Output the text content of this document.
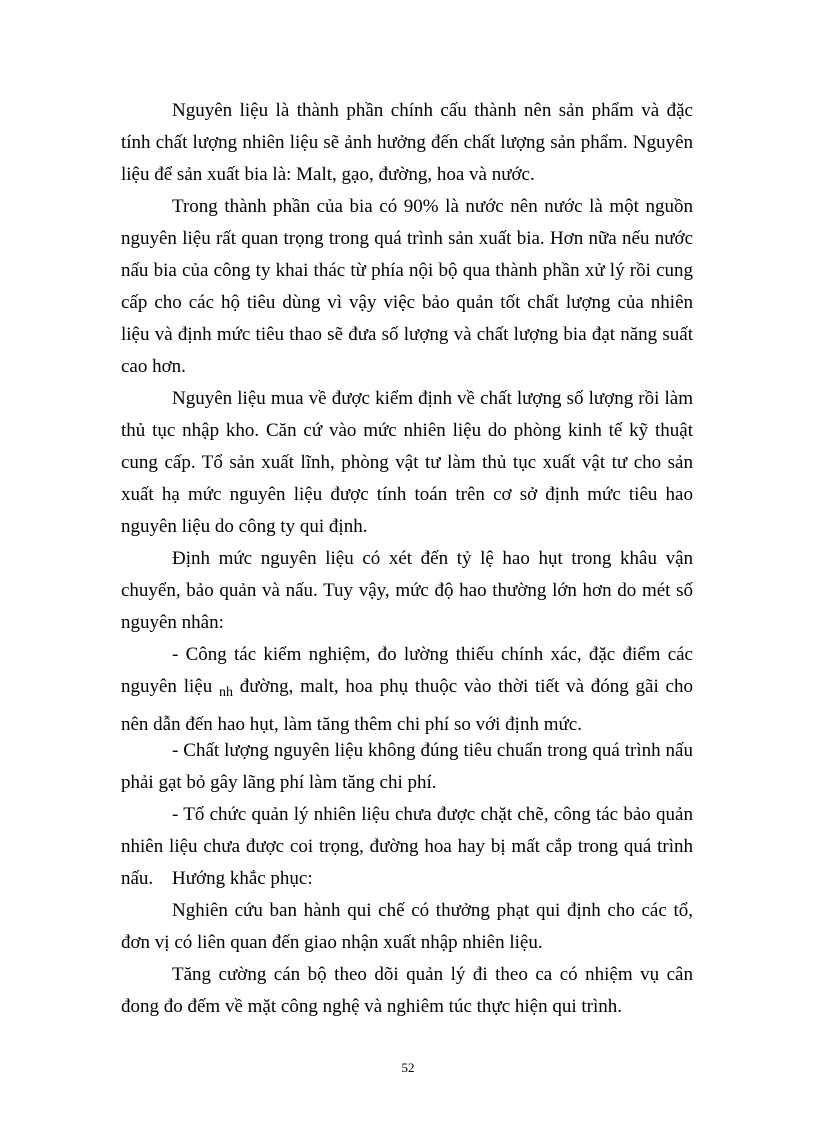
Nguyên liệu là thành phần chính cấu thành nên sản phẩm và đặc tính chất lượng nhiên liệu sẽ ảnh hưởng đến chất lượng sản phẩm. Nguyên liệu để sản xuất bia là: Malt, gạo, đường, hoa và nước.

Trong thành phần của bia có 90% là nước nên nước là một nguồn nguyên liệu rất quan trọng trong quá trình sản xuất bia. Hơn nữa nếu nước nấu bia của công ty khai thác từ phía nội bộ qua thành phần xử lý rồi cung cấp cho các hộ tiêu dùng vì vậy việc bảo quản tốt chất lượng của nhiên liệu và định mức tiêu thao sẽ đưa số lượng và chất lượng bia đạt năng suất cao hơn.

Nguyên liệu mua về được kiểm định về chất lượng số lượng rồi làm thủ tục nhập kho. Căn cứ vào mức nhiên liệu do phòng kinh tế kỹ thuật cung cấp. Tổ sản xuất lĩnh, phòng vật tư làm thủ tục xuất vật tư cho sản xuất hạ mức nguyên liệu được tính toán trên cơ sở định mức tiêu hao nguyên liệu do công ty qui định.

Định mức nguyên liệu có xét đến tỷ lệ hao hụt trong khâu vận chuyển, bảo quản và nấu. Tuy vậy, mức độ hao thường lớn hơn do mét số nguyên nhân:

- Công tác kiểm nghiệm, đo lường thiếu chính xác, đặc điểm các nguyên liệu $_{nh}$ đường, malt, hoa phụ thuộc vào thời tiết và đóng gãi cho nên dẫn đến hao hụt, làm tăng thêm chi phí so với định mức.

- Chất lượng nguyên liệu không đúng tiêu chuẩn trong quá trình nấu phải gạt bỏ gây lãng phí làm tăng chi phí.

- Tổ chức quản lý nhiên liệu chưa được chặt chẽ, công tác bảo quản nhiên liệu chưa được coi trọng, đường hoa hay bị mất cắp trong quá trình nấu. Hướng khắc phục:

Nghiên cứu ban hành qui chế có thưởng phạt qui định cho các tổ, đơn vị có liên quan đến giao nhận xuất nhập nhiên liệu.

Tăng cường cán bộ theo dõi quản lý đi theo ca có nhiệm vụ cân đong đo đếm về mặt công nghệ và nghiêm túc thực hiện qui trình.

52
